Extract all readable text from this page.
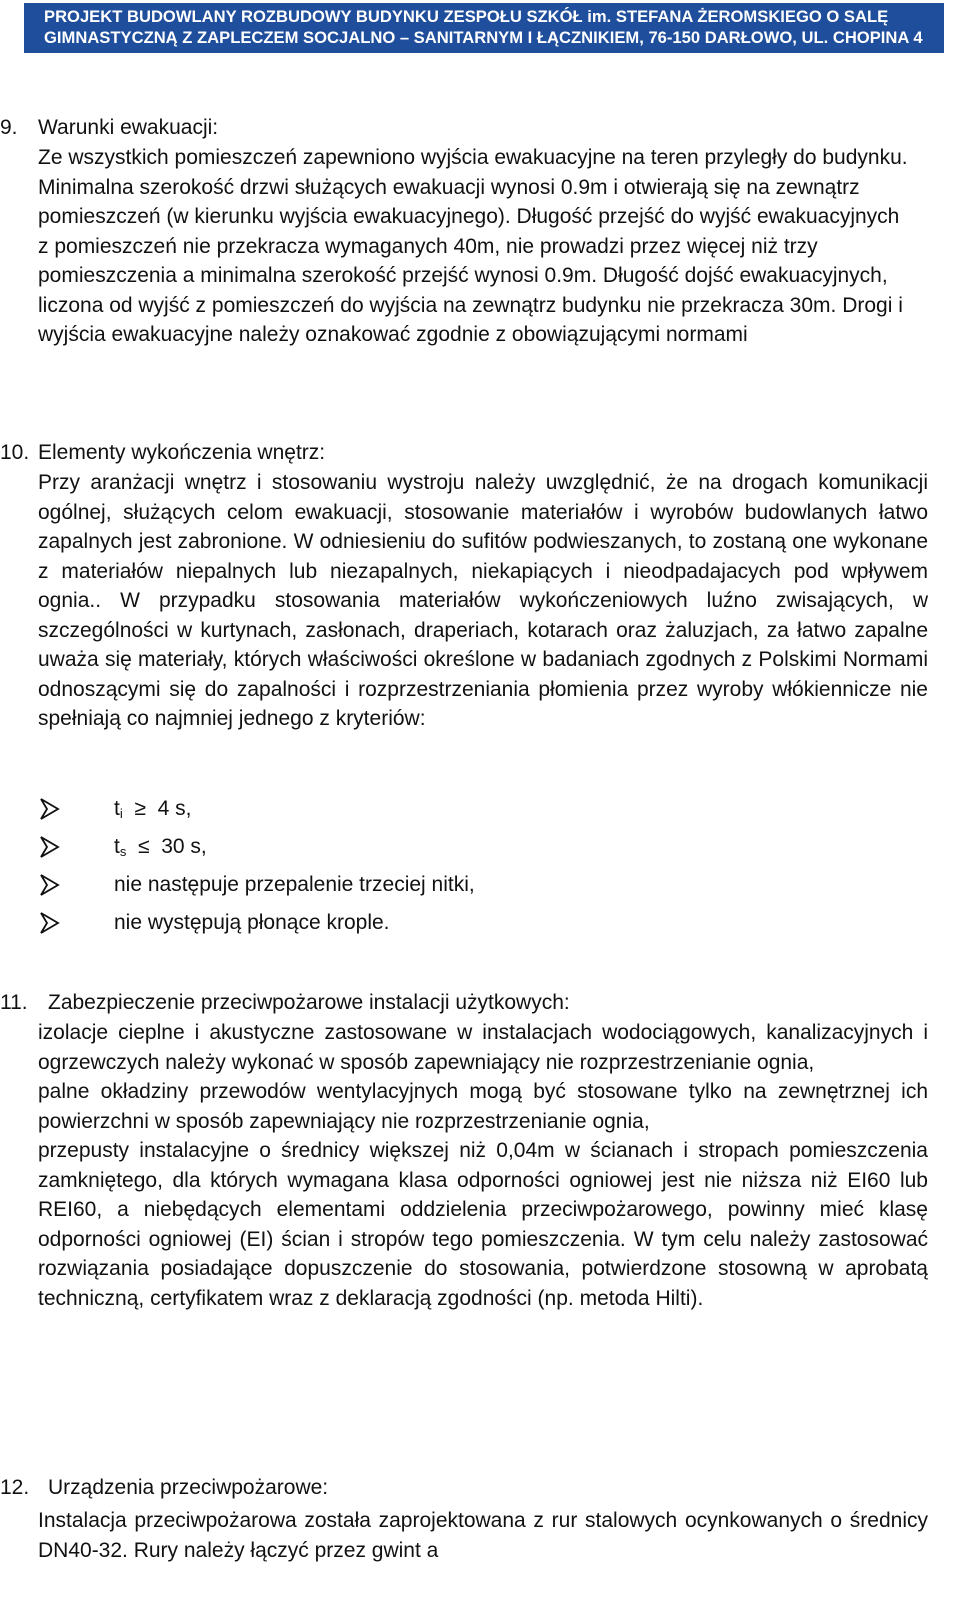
PROJEKT BUDOWLANY ROZBUDOWY BUDYNKU ZESPOŁU SZKÓŁ im. STEFANA ŻEROMSKIEGO O SALĘ
GIMNASTYCZNĄ Z ZAPLECZEM SOCJALNO – SANITARNYM I ŁĄCZNIKIEM, 76-150 DARŁOWO, UL. CHOPINA 4
9. Warunki ewakuacji:
Ze wszystkich pomieszczeń zapewniono wyjścia ewakuacyjne na teren przyległy do budynku. Minimalna szerokość drzwi służących ewakuacji wynosi 0.9m i otwierają się na zewnątrz pomieszczeń (w kierunku wyjścia ewakuacyjnego). Długość przejść do wyjść ewakuacyjnych z pomieszczeń nie przekracza wymaganych 40m, nie prowadzi przez więcej niż trzy pomieszczenia a minimalna szerokość przejść wynosi 0.9m. Długość dojść ewakuacyjnych, liczona od wyjść z pomieszczeń do wyjścia na zewnątrz budynku nie przekracza 30m. Drogi i wyjścia ewakuacyjne należy oznakować zgodnie z obowiązującymi normami
10. Elementy wykończenia wnętrz:
Przy aranżacji wnętrz i stosowaniu wystroju należy uwzględnić, że na drogach komunikacji ogólnej, służących celom ewakuacji, stosowanie materiałów i wyrobów budowlanych łatwo zapalnych jest zabronione. W odniesieniu do sufitów podwieszanych, to zostaną one wykonane z materiałów niepalnych lub niezapalnych, niekapiących i nieodpadajacych pod wpływem ognia.. W przypadku stosowania materiałów wykończeniowych luźno zwisających, w szczególności w kurtynach, zasłonach, draperiach, kotarach oraz żaluzjach, za łatwo zapalne uważa się materiały, których właściwości określone w badaniach zgodnych z Polskimi Normami odnoszącymi się do zapalności i rozprzestrzeniania płomienia przez wyroby włókiennicze nie spełniają co najmniej jednego z kryteriów:
$t_i \ge 4$ s,
$t_s \le 30$ s,
nie następuje przepalenie trzeciej nitki,
nie występują płonące krople.
11. Zabezpieczenie przeciwpożarowe instalacji użytkowych:
izolacje cieplne i akustyczne zastosowane w instalacjach wodociągowych, kanalizacyjnych i ogrzewczych należy wykonać w sposób zapewniający nie rozprzestrzenianie ognia,
palne okładziny przewodów wentylacyjnych mogą być stosowane tylko na zewnętrznej ich powierzchni w sposób zapewniający nie rozprzestrzenianie ognia,
przepusty instalacyjne o średnicy większej niż 0,04m w ścianach i stropach pomieszczenia zamkniętego, dla których wymagana klasa odporności ogniowej jest nie niższa niż EI60 lub REI60, a niebędących elementami oddzielenia przeciwpożarowego, powinny mieć klasę odporności ogniowej (EI) ścian i stropów tego pomieszczenia. W tym celu należy zastosować rozwiązania posiadające dopuszczenie do stosowania, potwierdzone stosowną w aprobatą techniczną, certyfikatem wraz z deklaracją zgodności (np. metoda Hilti).
12. Urządzenia przeciwpożarowe:
Instalacja przeciwpożarowa została zaprojektowana z rur stalowych ocynkowanych o średnicy DN40-32. Rury należy łączyć przez gwint a
